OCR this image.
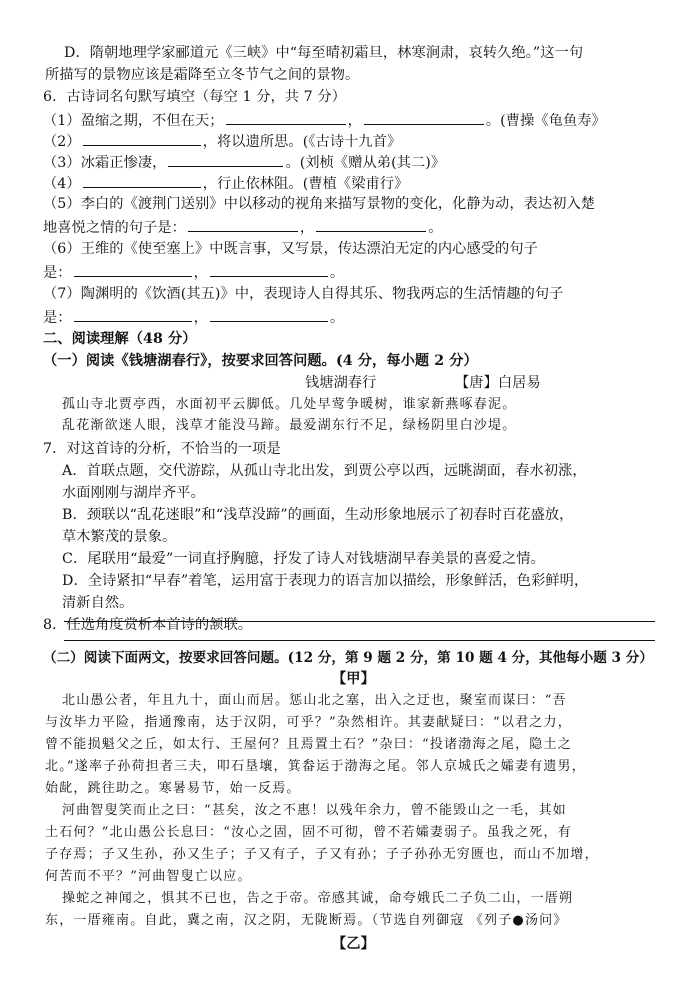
D．隋朝地理学家郦道元《三峡》中“每至晴初霜旦，林寒涧肃，哀转久绝。”这一句
所描写的景物应该是霜降至立冬节气之间的景物。
6．古诗词名句默写填空（每空 1 分，共 7 分）
（1）盈缩之期，不但在天；	，	。(曹操《龟鱼寿》
（2）	，将以遗所思。(《古诗十九首》
（3）冰霜正惨凄，	。(刘桢《赠从弟(其二)》
（4）	，行止依林阻。(曹植《梁甫行》
（5）李白的《渡荆门送别》中以移动的视角来描写景物的变化，化静为动，表达初入楚
地喜悦之情的句子是：	，	。
（6）王维的《使至塞上》中既言事，又写景，传达漂泊无定的内心感受的句子
是：	，	。
（7）陶渊明的《饮酒(其五)》中，表现诗人自得其乐、物我两忘的生活情趣的句子
是：	，	。
二、阅读理解（48 分）
（一）阅读《钱塘湖春行》，按要求回答问题。(4 分，每小题 2 分）
钱塘湖春行	【唐】白居易
孤山寺北贾亭西，水面初平云脚低。几处早莺争暖树，谁家新燕啄春泥。
乱花渐欲迷人眼，浅草才能没马蹄。最爱湖东行不足，绿杨阴里白沙堤。
7．对这首诗的分析，不恰当的一项是
A．首联点题，交代游踪，从孤山寺北出发，到贾公亭以西，远眺湖面，春水初涨，
水面刚刚与湖岸齐平。
B．颈联以“乱花迷眼”和“浅草没蹄”的画面，生动形象地展示了初春时百花盛放，
草木繁茂的景象。
C．尾联用“最爱”一词直抒胸臆，抒发了诗人对钱塘湖早春美景的喜爱之情。
D．全诗紧扣“早春”着笔，运用富于表现力的语言加以描绘，形象鲜活，色彩鲜明，
清新自然。
8．任选角度赏析本首诗的颔联。
（二）阅读下面两文，按要求回答问题。(12 分，第 9 题 2 分，第 10 题 4 分，其他每小题 3 分）
【甲】
北山愚公者，年且九十，面山而居。惩山北之塞，出入之迂也，聚室而谋曰：“吾
与汝毕力平险，指通豫南，达于汉阴，可乎？”杂然相许。其妻献疑曰：“以君之力，
曾不能损魁父之丘，如太行、王屋何？且焉置土石？”杂曰：“投诸渤海之尾，隐土之
北。”遂率子孙荷担者三夫，叩石垦壤，箕畚运于渤海之尾。邻人京城氏之孀妻有遗男，
始龀，跳往助之。寒暑易节，始一反焉。
河曲智叟笑而止之曰：“甚矣，汝之不惠！以残年余力，曾不能毁山之一毛，其如
土石何？”北山愚公长息曰：“汝心之固，固不可彻，曾不若孀妻弱子。虽我之死，有
子存焉；子又生孙，孙又生子；子又有子，子又有孙；子子孙孙无穷匮也，而山不加增，
何苦而不平？”河曲智叟亡以应。
操蛇之神闻之，惧其不已也，告之于帝。帝感其诚，命夸娥氏二子负二山，一厝朔
东，一厝雍南。自此，冀之南，汉之阴，无陇断焉。（节选自列御寇 《列子●汤问》
【乙】
